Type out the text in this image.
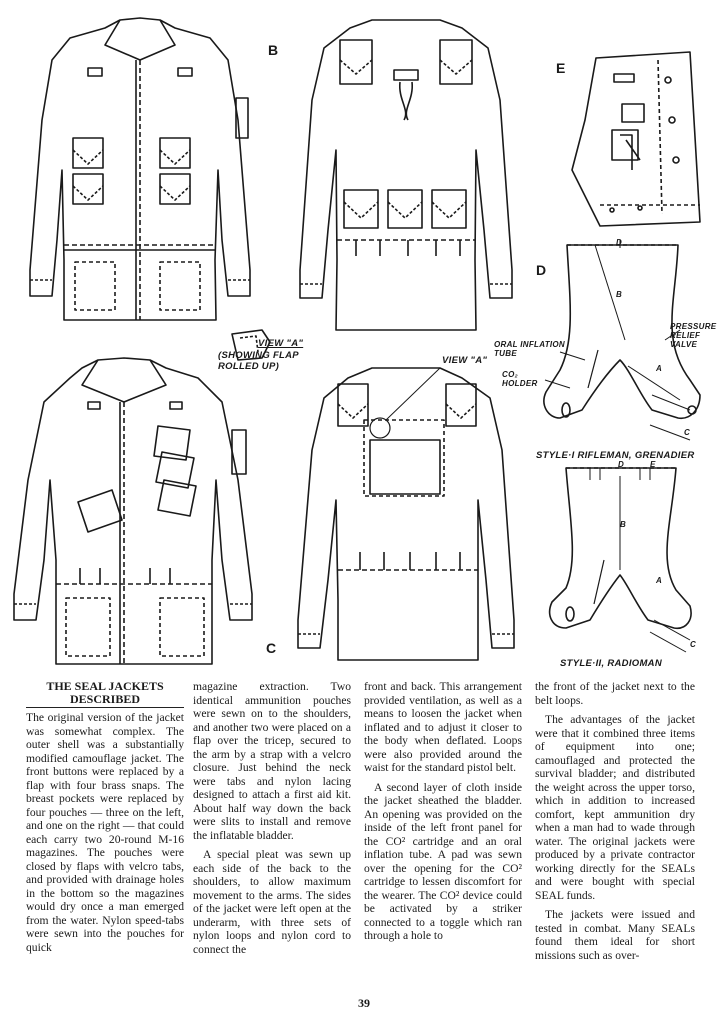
B
E
D
C
VIEW "A"
(SHOWING FLAP ROLLED UP)
VIEW "A"
ORAL INFLATION TUBE
CO₂ HOLDER
PRESSURE RELIEF VALVE
STYLE·I RIFLEMAN, GRENADIER
STYLE·II, RADIOMAN
D
B
A
C
D	E
B
A
C
THE SEAL JACKETS
DESCRIBED

The original version of the jacket was somewhat complex. The outer shell was a substantially modified camouflage jacket. The front buttons were replaced by a flap with four brass snaps. The breast pockets were replaced by four pouches — three on the left, and one on the right — that could each carry two 20-round M-16 magazines. The pouches were closed by flaps with velcro tabs, and provided with drainage holes in the bottom so the magazines would dry once a man emerged from the water. Nylon speed-tabs were sewn into the pouches for quick

magazine extraction. Two identical ammunition pouches were sewn on to the shoulders, and another two were placed on a flap over the tricep, secured to the arm by a strap with a velcro closure. Just behind the neck were tabs and nylon lacing designed to attach a first aid kit. About half way down the back were slits to install and remove the inflatable bladder.

A special pleat was sewn up each side of the back to the shoulders, to allow maximum movement to the arms. The sides of the jacket were left open at the underarm, with three sets of nylon loops and nylon cord to connect the

front and back. This arrangement provided ventilation, as well as a means to loosen the jacket when inflated and to adjust it closer to the body when deflated. Loops were also provided around the waist for the standard pistol belt.

A second layer of cloth inside the jacket sheathed the bladder. An opening was provided on the inside of the left front panel for the CO² cartridge and an oral inflation tube. A pad was sewn over the opening for the CO² cartridge to lessen discomfort for the wearer. The CO² device could be activated by a striker connected to a toggle which ran through a hole to

the front of the jacket next to the belt loops.

The advantages of the jacket were that it combined three items of equipment into one; camouflaged and protected the survival bladder; and distributed the weight across the upper torso, which in addition to increased comfort, kept ammunition dry when a man had to wade through water. The original jackets were produced by a private contractor working directly for the SEALs and were bought with special SEAL funds.

The jackets were issued and tested in combat. Many SEALs found them ideal for short missions such as over-

39
